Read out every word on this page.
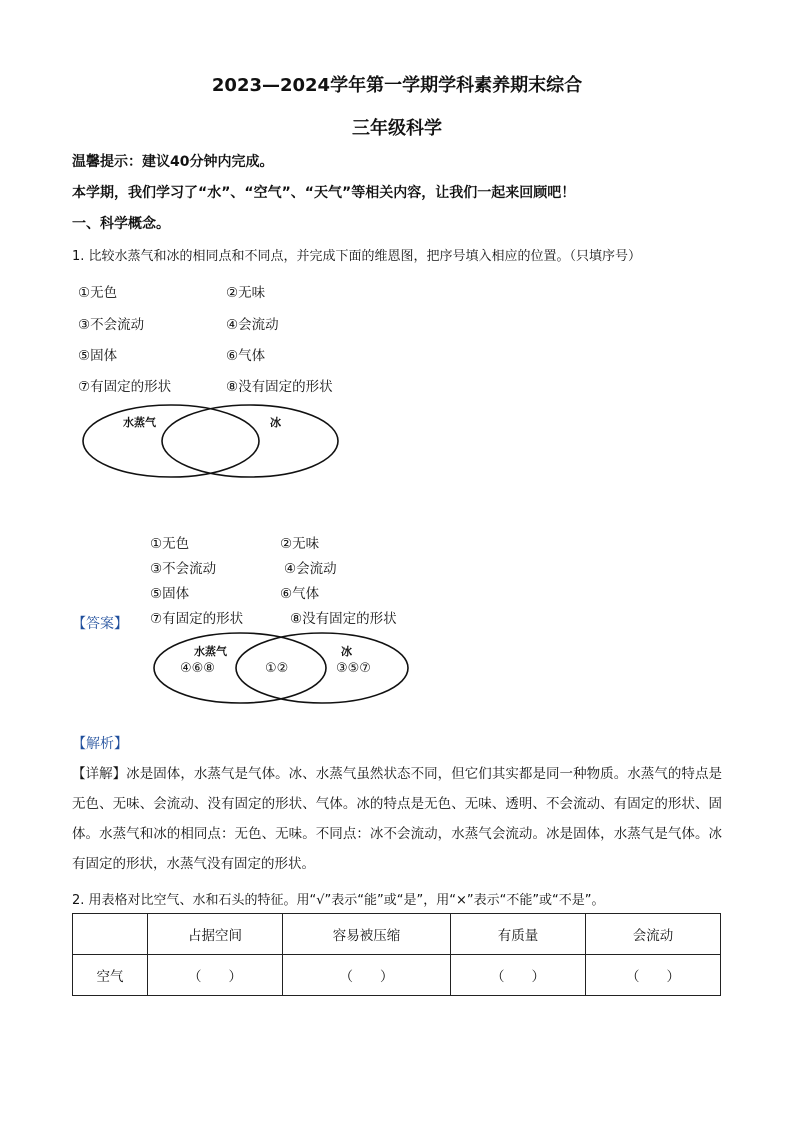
2023—2024学年第一学期学科素养期末综合
三年级科学
温馨提示：建议40分钟内完成。
本学期，我们学习了“水”、“空气”、“天气”等相关内容，让我们一起来回顾吧！
一、科学概念。
1. 比较水蒸气和冰的相同点和不同点，并完成下面的维恩图，把序号填入相应的位置。（只填序号）
①无色	②无味
③不会流动	④会流动
⑤固体	⑥气体
⑦有固定的形状	⑧没有固定的形状
水蒸气	冰
①无色	②无味
③不会流动	④会流动
⑤固体	⑥气体
⑦有固定的形状	⑧没有固定的形状
【答案】
水蒸气	冰
④⑥⑧	①②	③⑤⑦
【解析】
【详解】冰是固体，水蒸气是气体。冰、水蒸气虽然状态不同，但它们其实都是同一种物质。水蒸气的特点是无色、无味、会流动、没有固定的形状、气体。冰的特点是无色、无味、透明、不会流动、有固定的形状、固体。水蒸气和冰的相同点：无色、无味。不同点：冰不会流动，水蒸气会流动。冰是固体，水蒸气是气体。冰有固定的形状，水蒸气没有固定的形状。
2. 用表格对比空气、水和石头的特征。用“√”表示“能”或“是”，用“×”表示“不能”或“不是”。
	占据空间	容易被压缩	有质量	会流动
空气	（　　）	（　　）	（　　）	（　　）
